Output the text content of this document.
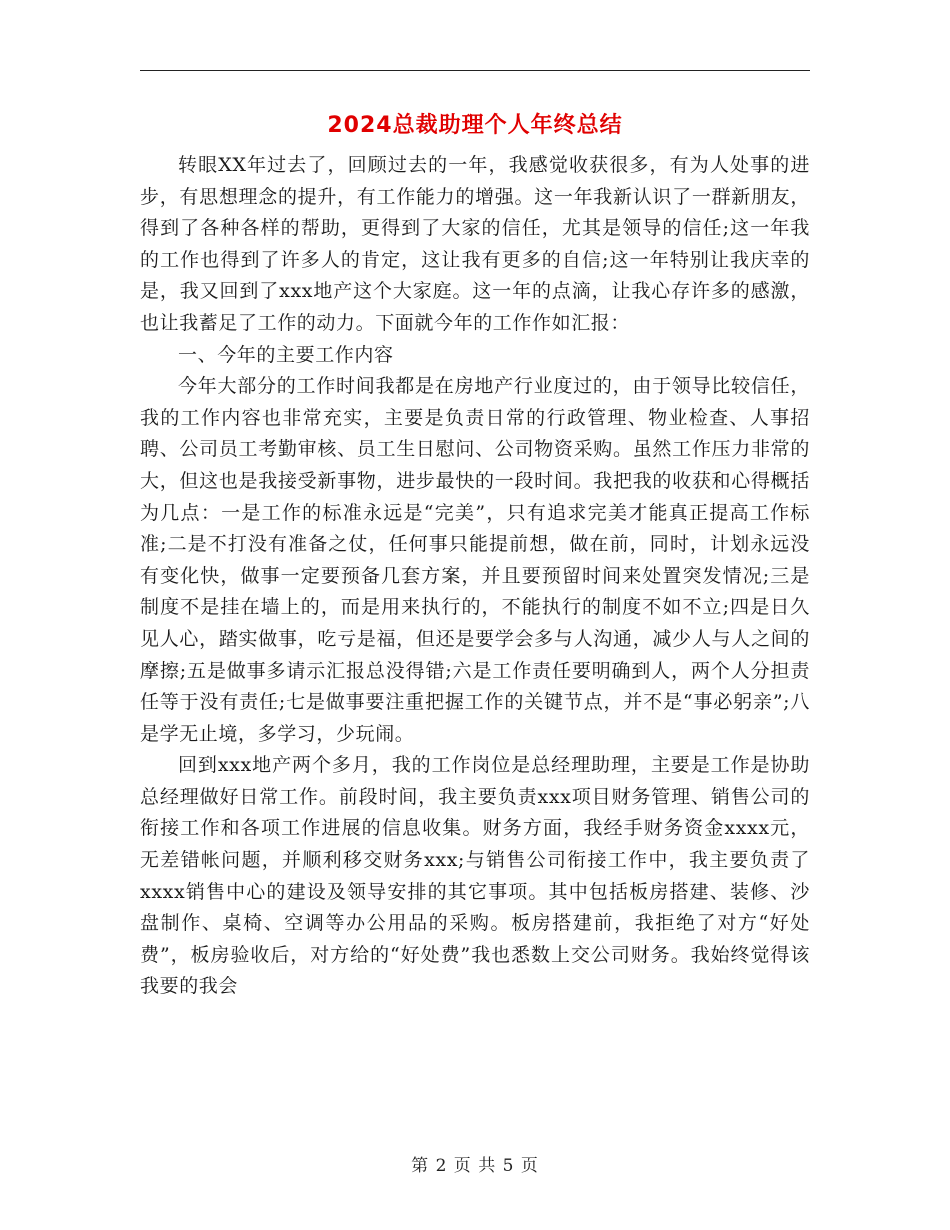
2024总裁助理个人年终总结

转眼XX年过去了，回顾过去的一年，我感觉收获很多，有为人处事的进步，有思想理念的提升，有工作能力的增强。这一年我新认识了一群新朋友，得到了各种各样的帮助，更得到了大家的信任，尤其是领导的信任;这一年我的工作也得到了许多人的肯定，这让我有更多的自信;这一年特别让我庆幸的是，我又回到了xxx地产这个大家庭。这一年的点滴，让我心存许多的感激，也让我蓄足了工作的动力。下面就今年的工作作如汇报：

一、今年的主要工作内容

今年大部分的工作时间我都是在房地产行业度过的，由于领导比较信任，我的工作内容也非常充实，主要是负责日常的行政管理、物业检查、人事招聘、公司员工考勤审核、员工生日慰问、公司物资采购。虽然工作压力非常的大，但这也是我接受新事物，进步最快的一段时间。我把我的收获和心得概括为几点：一是工作的标准永远是“完美”，只有追求完美才能真正提高工作标准;二是不打没有准备之仗，任何事只能提前想，做在前，同时，计划永远没有变化快，做事一定要预备几套方案，并且要预留时间来处置突发情况;三是制度不是挂在墙上的，而是用来执行的，不能执行的制度不如不立;四是日久见人心，踏实做事，吃亏是福，但还是要学会多与人沟通，减少人与人之间的摩擦;五是做事多请示汇报总没得错;六是工作责任要明确到人，两个人分担责任等于没有责任;七是做事要注重把握工作的关键节点，并不是“事必躬亲”;八是学无止境，多学习，少玩闹。

回到xxx地产两个多月，我的工作岗位是总经理助理，主要是工作是协助总经理做好日常工作。前段时间，我主要负责xxx项目财务管理、销售公司的衔接工作和各项工作进展的信息收集。财务方面，我经手财务资金xxxx元，无差错帐问题，并顺利移交财务xxx;与销售公司衔接工作中，我主要负责了xxxx销售中心的建设及领导安排的其它事项。其中包括板房搭建、装修、沙盘制作、桌椅、空调等办公用品的采购。板房搭建前，我拒绝了对方“好处费”，板房验收后，对方给的“好处费”我也悉数上交公司财务。我始终觉得该我要的我会

第 2 页 共 5 页
